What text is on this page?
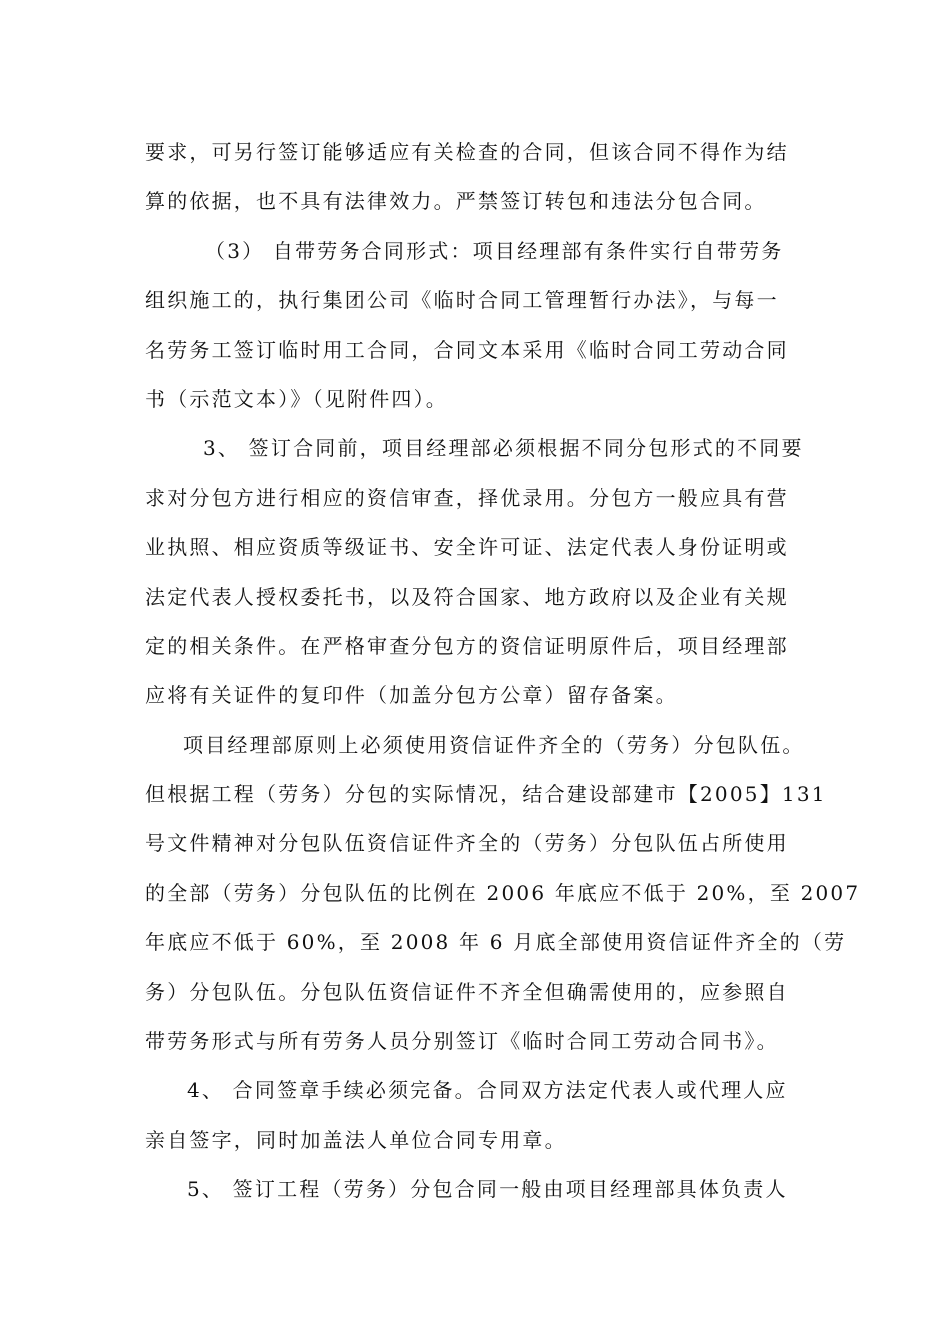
要求，可另行签订能够适应有关检查的合同，但该合同不得作为结
算的依据，也不具有法律效力。严禁签订转包和违法分包合同。
（3） 自带劳务合同形式：项目经理部有条件实行自带劳务
组织施工的，执行集团公司《临时合同工管理暂行办法》，与每一
名劳务工签订临时用工合同，合同文本采用《临时合同工劳动合同
书（示范文本）》（见附件四）。
3、 签订合同前，项目经理部必须根据不同分包形式的不同要
求对分包方进行相应的资信审查，择优录用。分包方一般应具有营
业执照、相应资质等级证书、安全许可证、法定代表人身份证明或
法定代表人授权委托书，以及符合国家、地方政府以及企业有关规
定的相关条件。在严格审查分包方的资信证明原件后，项目经理部
应将有关证件的复印件（加盖分包方公章）留存备案。
项目经理部原则上必须使用资信证件齐全的（劳务）分包队伍。
但根据工程（劳务）分包的实际情况，结合建设部建市【2005】131
号文件精神对分包队伍资信证件齐全的（劳务）分包队伍占所使用
的全部（劳务）分包队伍的比例在 2006 年底应不低于 20%，至 2007
年底应不低于 60%，至 2008 年 6 月底全部使用资信证件齐全的（劳
务）分包队伍。分包队伍资信证件不齐全但确需使用的，应参照自
带劳务形式与所有劳务人员分别签订《临时合同工劳动合同书》。
4、 合同签章手续必须完备。合同双方法定代表人或代理人应
亲自签字，同时加盖法人单位合同专用章。
5、 签订工程（劳务）分包合同一般由项目经理部具体负责人
